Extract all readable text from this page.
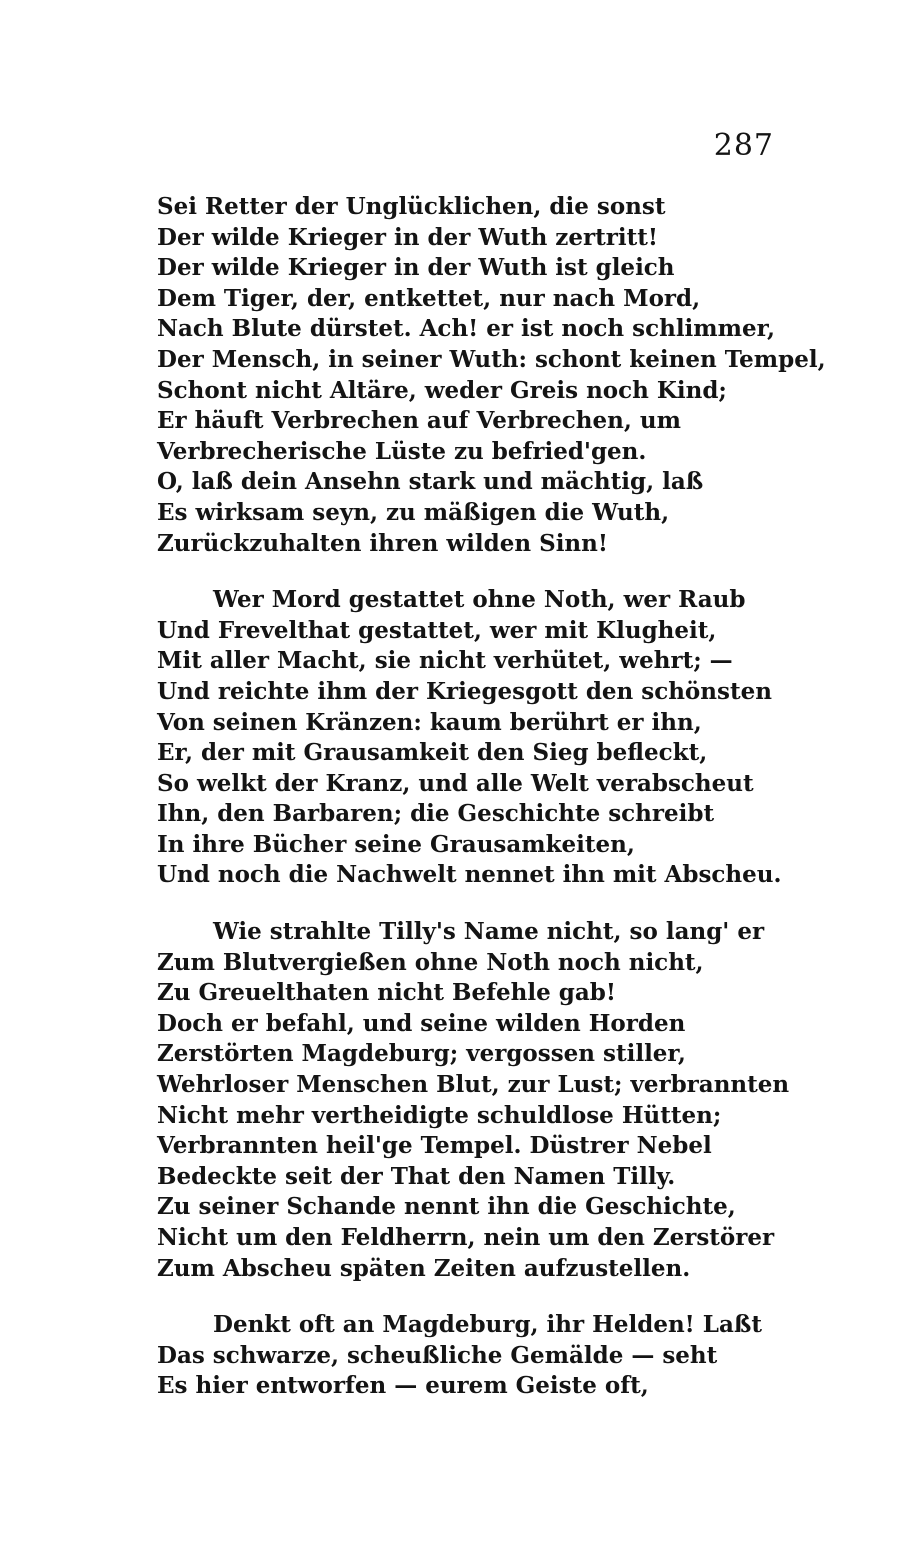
287
Sei Retter der Unglücklichen, die sonst
Der wilde Krieger in der Wuth zertritt!
Der wilde Krieger in der Wuth ist gleich
Dem Tiger, der, entkettet, nur nach Mord,
Nach Blute dürstet. Ach! er ist noch schlimmer,
Der Mensch, in seiner Wuth: schont keinen Tempel,
Schont nicht Altäre, weder Greis noch Kind;
Er häuft Verbrechen auf Verbrechen, um
Verbrecherische Lüste zu befried'gen.
O, laß dein Ansehn stark und mächtig, laß
Es wirksam seyn, zu mäßigen die Wuth,
Zurückzuhalten ihren wilden Sinn!
Wer Mord gestattet ohne Noth, wer Raub
Und Frevelthat gestattet, wer mit Klugheit,
Mit aller Macht, sie nicht verhütet, wehrt; —
Und reichte ihm der Kriegesgott den schönsten
Von seinen Kränzen: kaum berührt er ihn,
Er, der mit Grausamkeit den Sieg befleckt,
So welkt der Kranz, und alle Welt verabscheut
Ihn, den Barbaren; die Geschichte schreibt
In ihre Bücher seine Grausamkeiten,
Und noch die Nachwelt nennet ihn mit Abscheu.
Wie strahlte Tilly's Name nicht, so lang' er
Zum Blutvergießen ohne Noth noch nicht,
Zu Greuelthaten nicht Befehle gab!
Doch er befahl, und seine wilden Horden
Zerstörten Magdeburg; vergossen stiller,
Wehrloser Menschen Blut, zur Lust; verbrannten
Nicht mehr vertheidigte schuldlose Hütten;
Verbrannten heil'ge Tempel. Düstrer Nebel
Bedeckte seit der That den Namen Tilly.
Zu seiner Schande nennt ihn die Geschichte,
Nicht um den Feldherrn, nein um den Zerstörer
Zum Abscheu späten Zeiten aufzustellen.
Denkt oft an Magdeburg, ihr Helden! Laßt
Das schwarze, scheußliche Gemälde — seht
Es hier entworfen — eurem Geiste oft,
